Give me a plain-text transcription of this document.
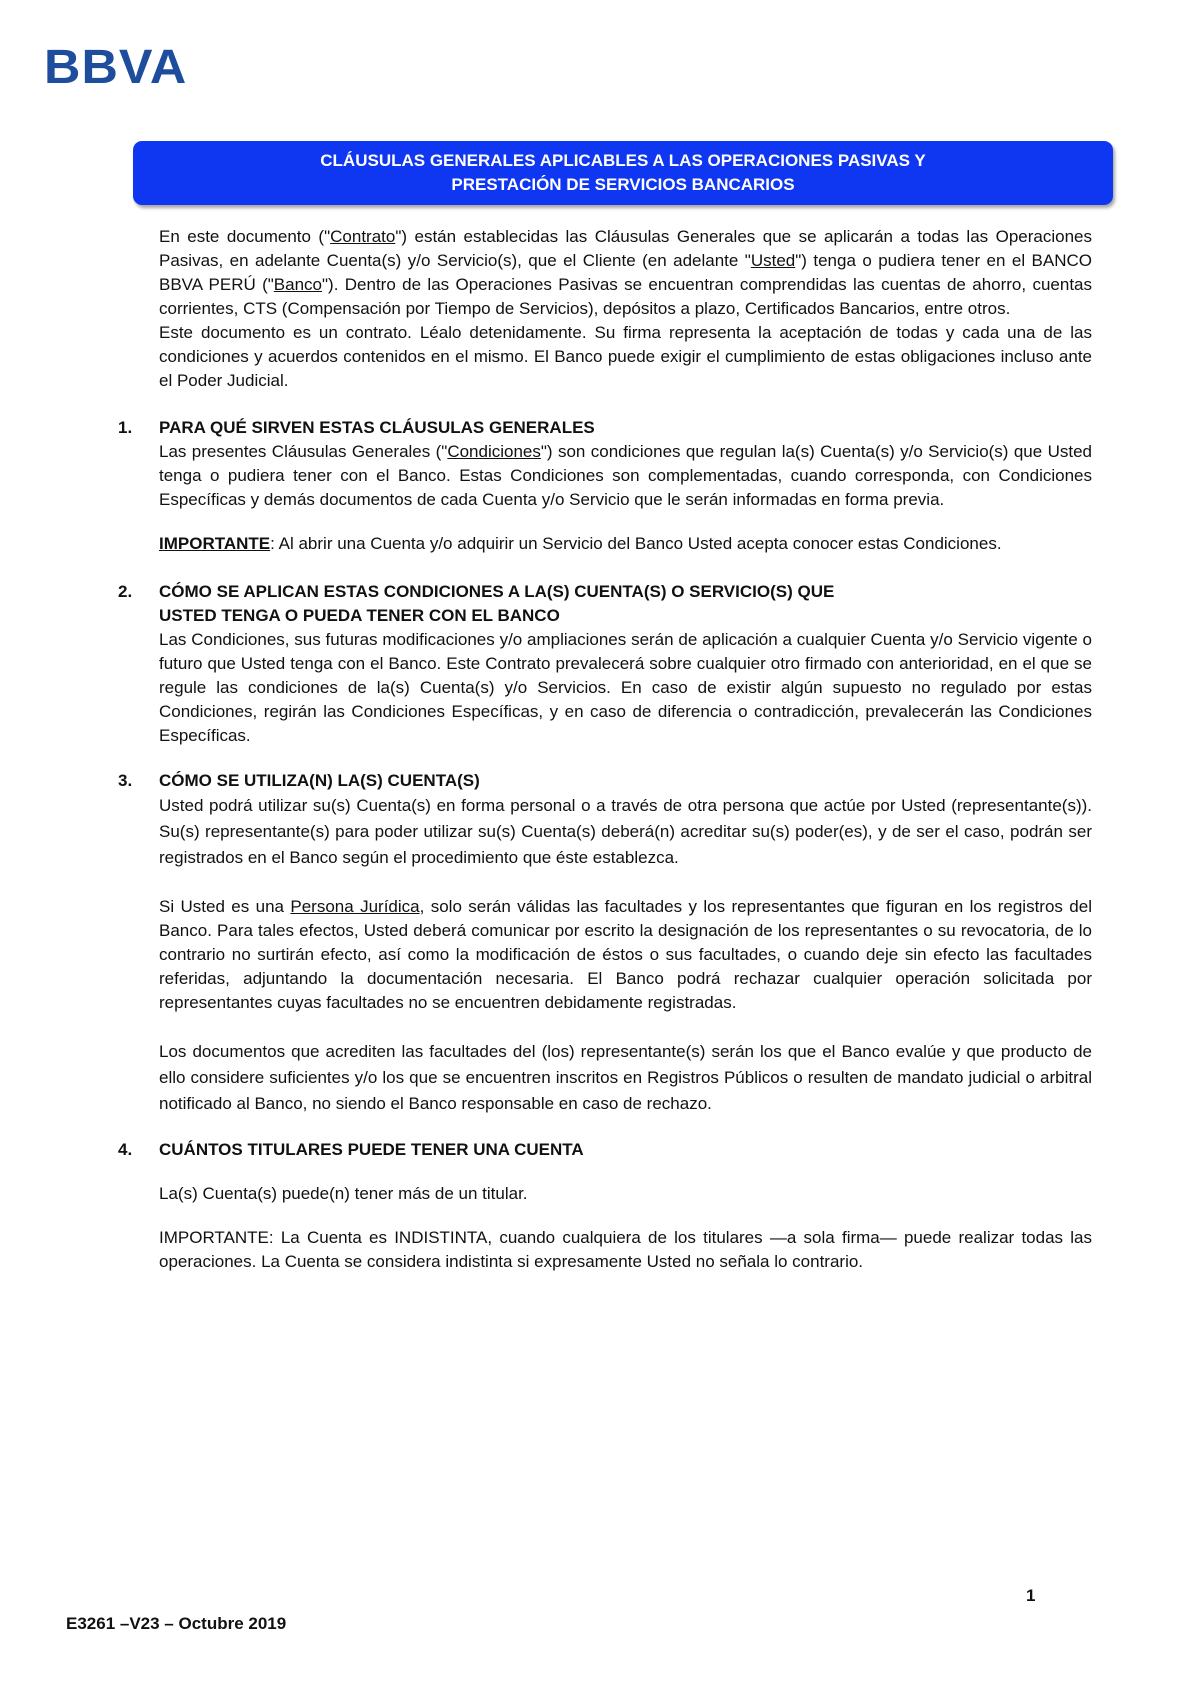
BBVA
CLÁUSULAS GENERALES APLICABLES A LAS OPERACIONES PASIVAS Y
PRESTACIÓN DE SERVICIOS BANCARIOS

En este documento ("Contrato") están establecidas las Cláusulas Generales que se aplicarán a todas las Operaciones Pasivas, en adelante Cuenta(s) y/o Servicio(s), que el Cliente (en adelante "Usted") tenga o pudiera tener en el BANCO BBVA PERÚ ("Banco"). Dentro de las Operaciones Pasivas se encuentran comprendidas las cuentas de ahorro, cuentas corrientes, CTS (Compensación por Tiempo de Servicios), depósitos a plazo, Certificados Bancarios, entre otros.

Este documento es un contrato. Léalo detenidamente. Su firma representa la aceptación de todas y cada una de las condiciones y acuerdos contenidos en el mismo. El Banco puede exigir el cumplimiento de estas obligaciones incluso ante el Poder Judicial.

1. PARA QUÉ SIRVEN ESTAS CLÁUSULAS GENERALES

Las presentes Cláusulas Generales ("Condiciones") son condiciones que regulan la(s) Cuenta(s) y/o Servicio(s) que Usted tenga o pudiera tener con el Banco. Estas Condiciones son complementadas, cuando corresponda, con Condiciones Específicas y demás documentos de cada Cuenta y/o Servicio que le serán informadas en forma previa.

IMPORTANTE: Al abrir una Cuenta y/o adquirir un Servicio del Banco Usted acepta conocer estas Condiciones.

2. CÓMO SE APLICAN ESTAS CONDICIONES A LA(S) CUENTA(S) O SERVICIO(S) QUE
USTED TENGA O PUEDA TENER CON EL BANCO

Las Condiciones, sus futuras modificaciones y/o ampliaciones serán de aplicación a cualquier Cuenta y/o Servicio vigente o futuro que Usted tenga con el Banco. Este Contrato prevalecerá sobre cualquier otro firmado con anterioridad, en el que se regule las condiciones de la(s) Cuenta(s) y/o Servicios. En caso de existir algún supuesto no regulado por estas Condiciones, regirán las Condiciones Específicas, y en caso de diferencia o contradicción, prevalecerán las Condiciones Específicas.

3. CÓMO SE UTILIZA(N) LA(S) CUENTA(S)

Usted podrá utilizar su(s) Cuenta(s) en forma personal o a través de otra persona que actúe por Usted (representante(s)). Su(s) representante(s) para poder utilizar su(s) Cuenta(s) deberá(n) acreditar su(s) poder(es), y de ser el caso, podrán ser registrados en el Banco según el procedimiento que éste establezca.

Si Usted es una Persona Jurídica, solo serán válidas las facultades y los representantes que figuran en los registros del Banco. Para tales efectos, Usted deberá comunicar por escrito la designación de los representantes o su revocatoria, de lo contrario no surtirán efecto, así como la modificación de éstos o sus facultades, o cuando deje sin efecto las facultades referidas, adjuntando la documentación necesaria. El Banco podrá rechazar cualquier operación solicitada por representantes cuyas facultades no se encuentren debidamente registradas.

Los documentos que acrediten las facultades del (los) representante(s) serán los que el Banco evalúe y que producto de ello considere suficientes y/o los que se encuentren inscritos en Registros Públicos o resulten de mandato judicial o arbitral notificado al Banco, no siendo el Banco responsable en caso de rechazo.

4. CUÁNTOS TITULARES PUEDE TENER UNA CUENTA

La(s) Cuenta(s) puede(n) tener más de un titular.

IMPORTANTE: La Cuenta es INDISTINTA, cuando cualquiera de los titulares —a sola firma— puede realizar todas las operaciones. La Cuenta se considera indistinta si expresamente Usted no señala lo contrario.

1
E3261 –V23 – Octubre 2019
